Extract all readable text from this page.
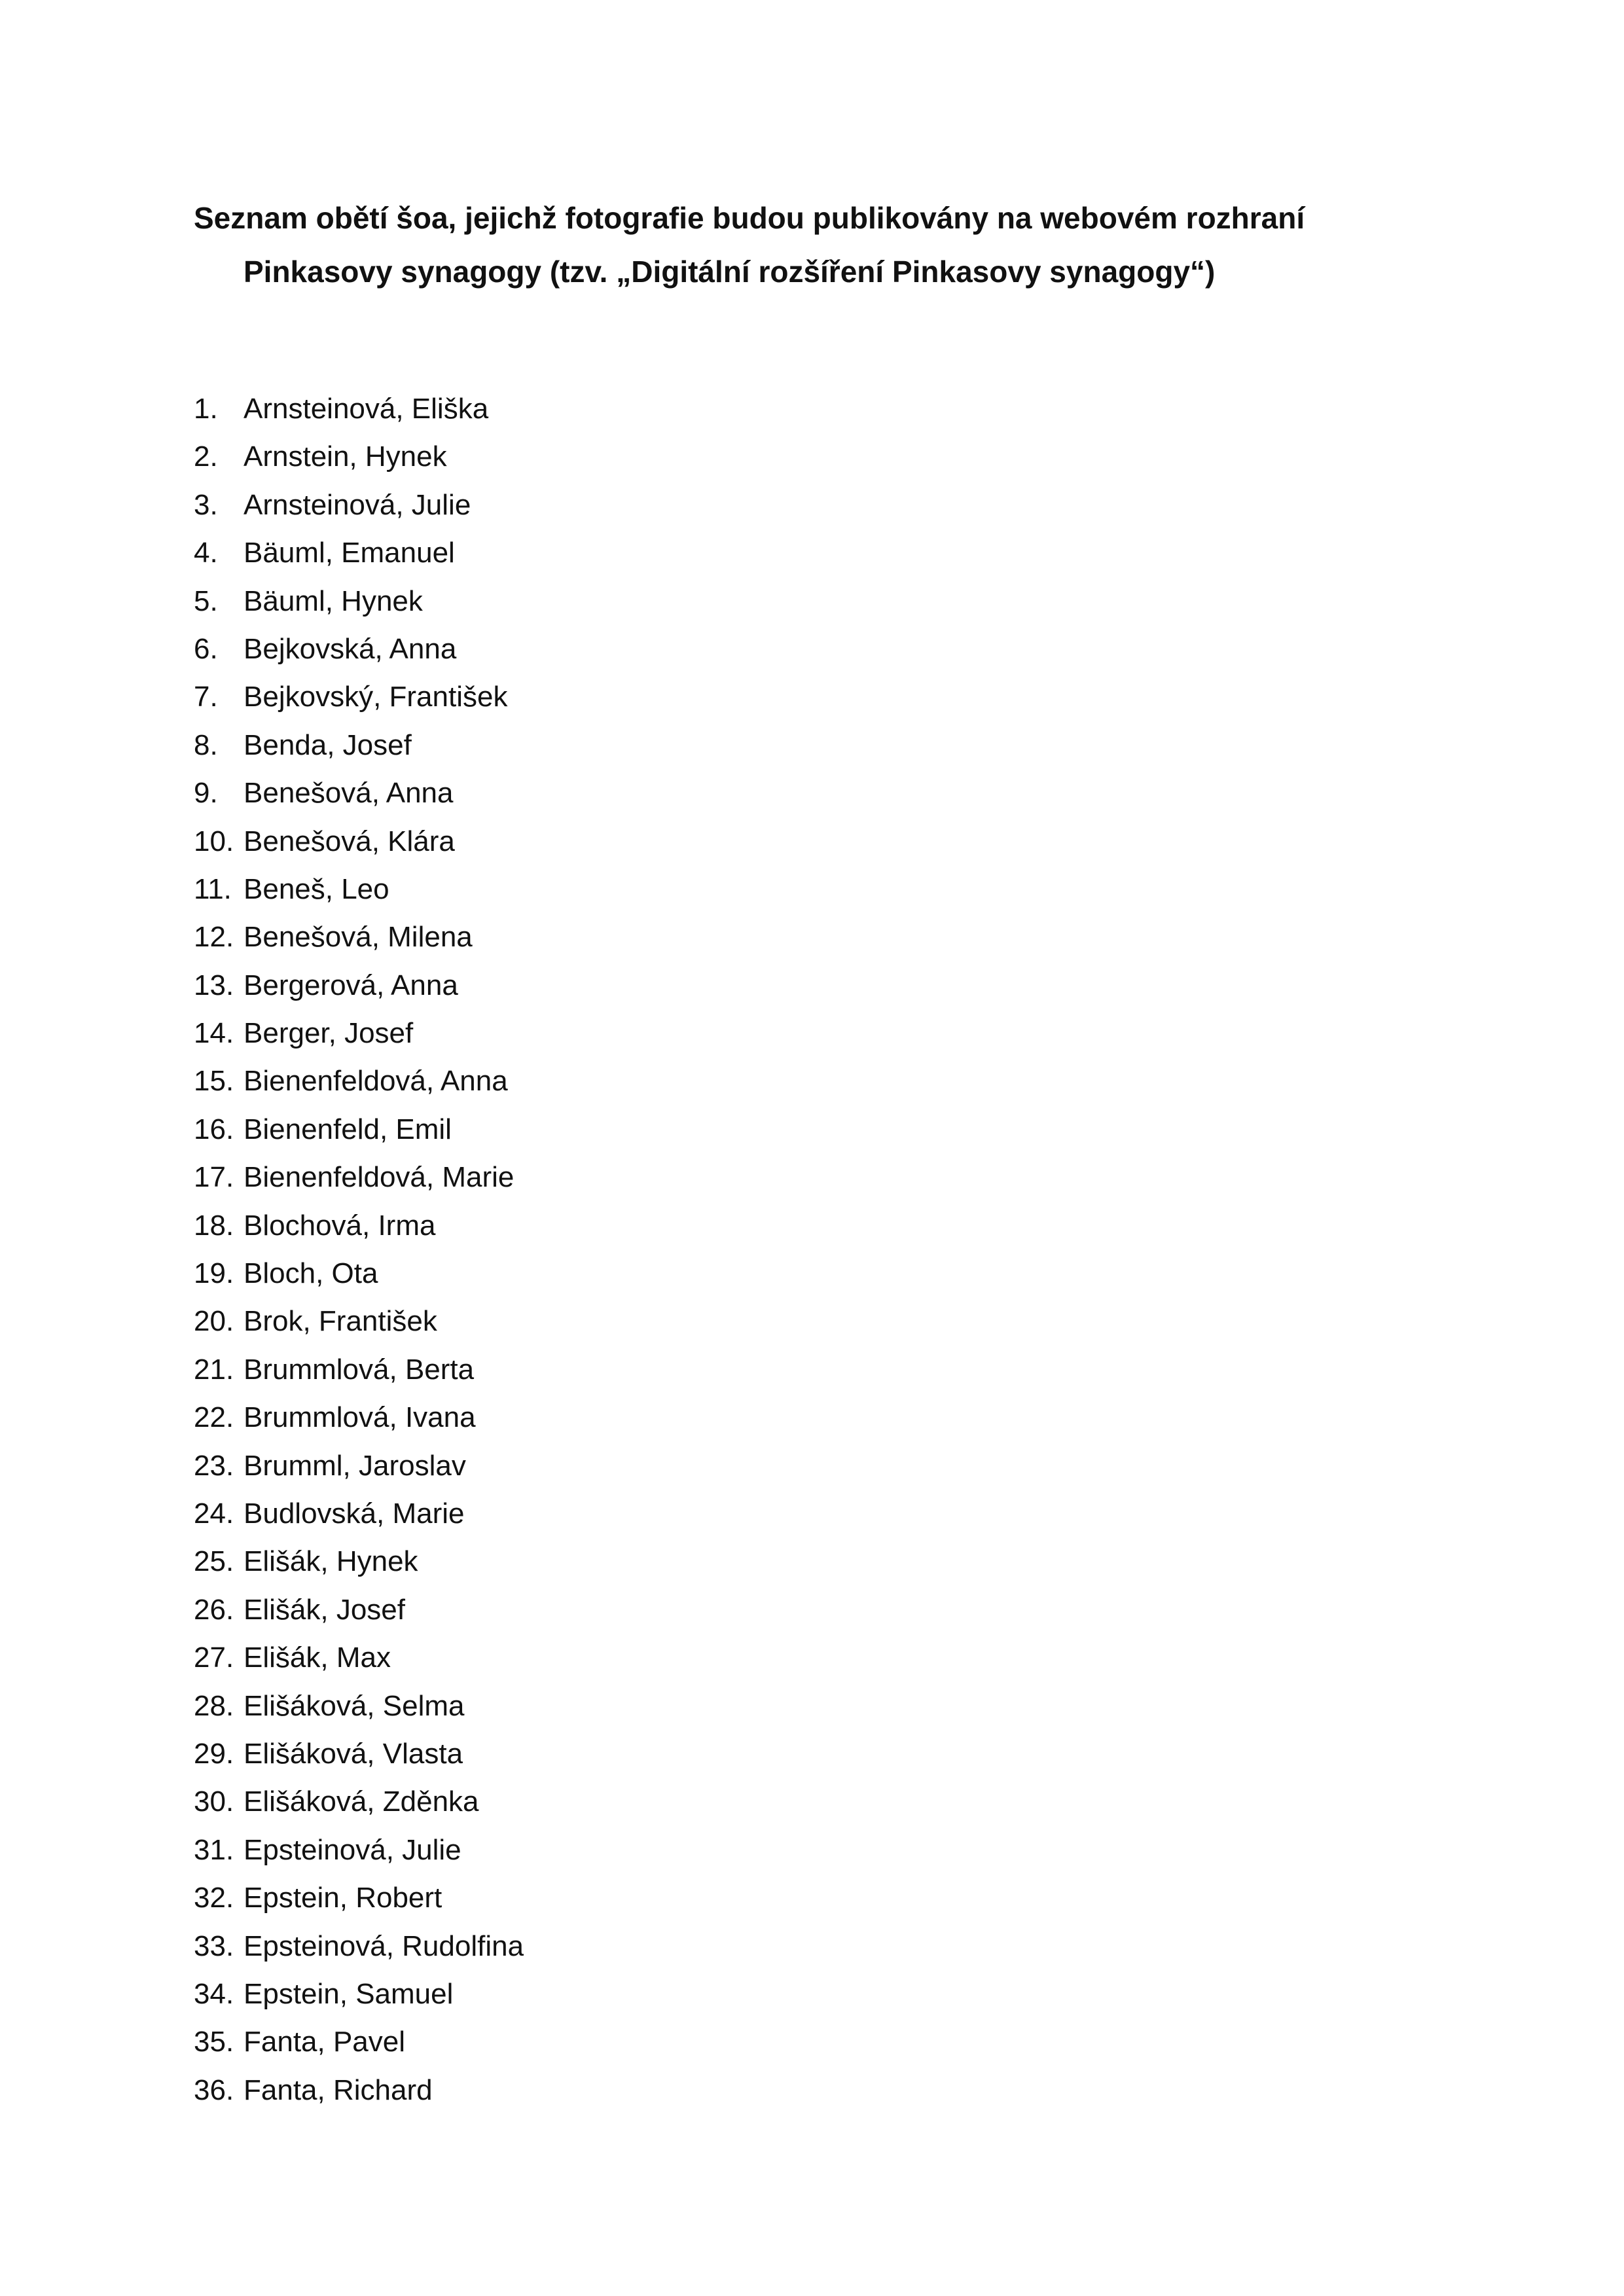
Seznam obětí šoa, jejichž fotografie budou publikovány na webovém rozhraní
Pinkasovy synagogy (tzv. „Digitální rozšíření Pinkasovy synagogy“)
1. Arnsteinová, Eliška
2. Arnstein, Hynek
3. Arnsteinová, Julie
4. Bäuml, Emanuel
5. Bäuml, Hynek
6. Bejkovská, Anna
7. Bejkovský, František
8. Benda, Josef
9. Benešová, Anna
10. Benešová, Klára
11. Beneš, Leo
12. Benešová, Milena
13. Bergerová, Anna
14. Berger, Josef
15. Bienenfeldová, Anna
16. Bienenfeld, Emil
17. Bienenfeldová, Marie
18. Blochová, Irma
19. Bloch, Ota
20. Brok, František
21. Brummlová, Berta
22. Brummlová, Ivana
23. Brumml, Jaroslav
24. Budlovská, Marie
25. Elišák, Hynek
26. Elišák, Josef
27. Elišák, Max
28. Elišáková, Selma
29. Elišáková, Vlasta
30. Elišáková, Zděnka
31. Epsteinová, Julie
32. Epstein, Robert
33. Epsteinová, Rudolfina
34. Epstein, Samuel
35. Fanta, Pavel
36. Fanta, Richard
